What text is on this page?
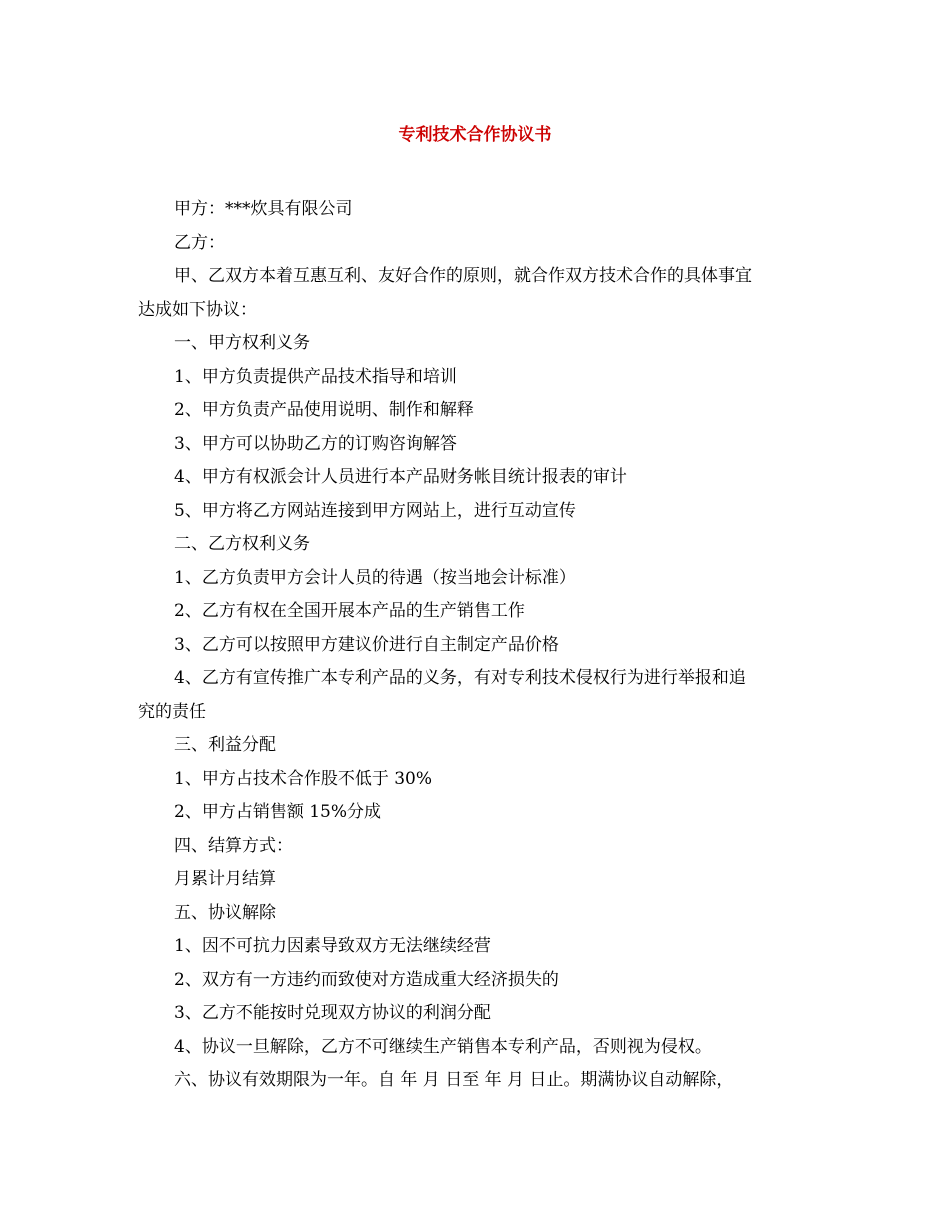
专利技术合作协议书

甲方：***炊具有限公司

乙方：

甲、乙双方本着互惠互利、友好合作的原则，就合作双方技术合作的具体事宜

达成如下协议：

一、甲方权利义务

1、甲方负责提供产品技术指导和培训

2、甲方负责产品使用说明、制作和解释

3、甲方可以协助乙方的订购咨询解答

4、甲方有权派会计人员进行本产品财务帐目统计报表的审计

5、甲方将乙方网站连接到甲方网站上，进行互动宣传

二、乙方权利义务

1、乙方负责甲方会计人员的待遇（按当地会计标准）

2、乙方有权在全国开展本产品的生产销售工作

3、乙方可以按照甲方建议价进行自主制定产品价格

4、乙方有宣传推广本专利产品的义务，有对专利技术侵权行为进行举报和追

究的责任

三、利益分配

1、甲方占技术合作股不低于 30%

2、甲方占销售额 15%分成

四、结算方式：

月累计月结算

五、协议解除

1、因不可抗力因素导致双方无法继续经营

2、双方有一方违约而致使对方造成重大经济损失的

3、乙方不能按时兑现双方协议的利润分配

4、协议一旦解除，乙方不可继续生产销售本专利产品，否则视为侵权。

六、协议有效期限为一年。自 年 月 日至 年 月 日止。期满协议自动解除，
